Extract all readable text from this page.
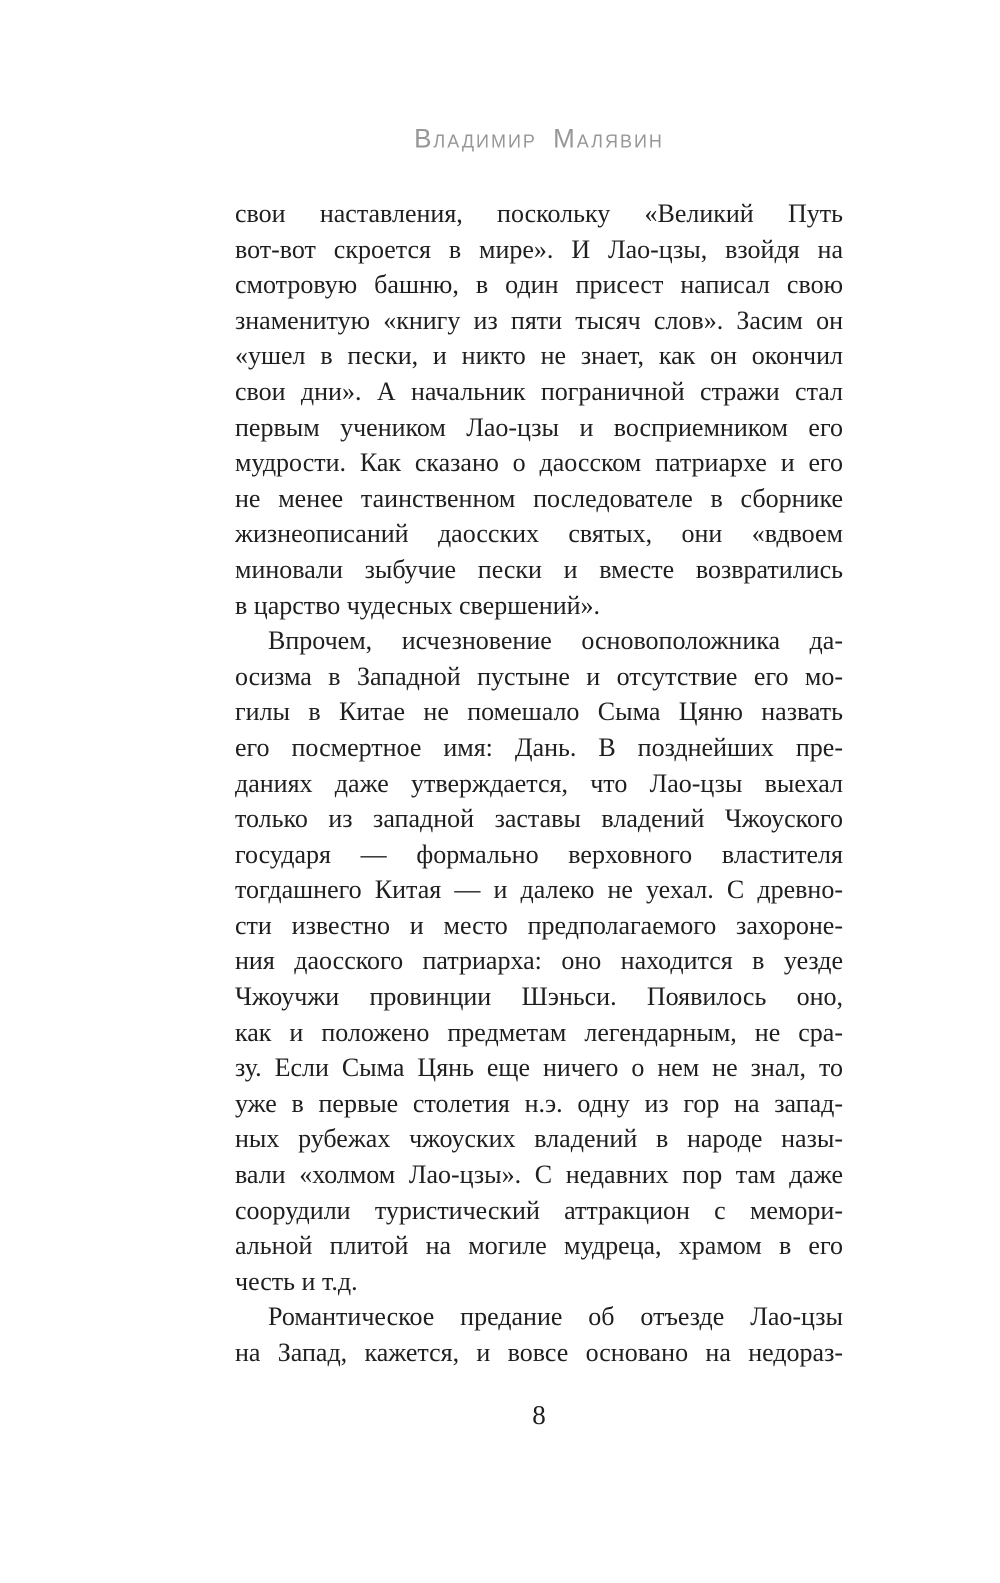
Владимир Малявин
свои наставления, поскольку «Великий Путь
вот-вот скроется в мире». И Лао-цзы, взойдя на
смотровую башню, в один присест написал свою
знаменитую «книгу из пяти тысяч слов». Засим он
«ушел в пески, и никто не знает, как он окончил
свои дни». А начальник пограничной стражи стал
первым учеником Лао-цзы и восприемником его
мудрости. Как сказано о даосском патриархе и его
не менее таинственном последователе в сборнике
жизнеописаний даосских святых, они «вдвоем
миновали зыбучие пески и вместе возвратились
в царство чудесных свершений».
Впрочем, исчезновение основоположника да-
осизма в Западной пустыне и отсутствие его мо-
гилы в Китае не помешало Сыма Цяню назвать
его посмертное имя: Дань. В позднейших пре-
даниях даже утверждается, что Лао-цзы выехал
только из западной заставы владений Чжоуского
государя — формально верховного властителя
тогдашнего Китая — и далеко не уехал. С древно-
сти известно и место предполагаемого захороне-
ния даосского патриарха: оно находится в уезде
Чжоучжи провинции Шэньси. Появилось оно,
как и положено предметам легендарным, не сра-
зу. Если Сыма Цянь еще ничего о нем не знал, то
уже в первые столетия н.э. одну из гор на запад-
ных рубежах чжоуских владений в народе назы-
вали «холмом Лао-цзы». С недавних пор там даже
соорудили туристический аттракцион с мемори-
альной плитой на могиле мудреца, храмом в его
честь и т.д.
Романтическое предание об отъезде Лао-цзы
на Запад, кажется, и вовсе основано на недораз-
8
